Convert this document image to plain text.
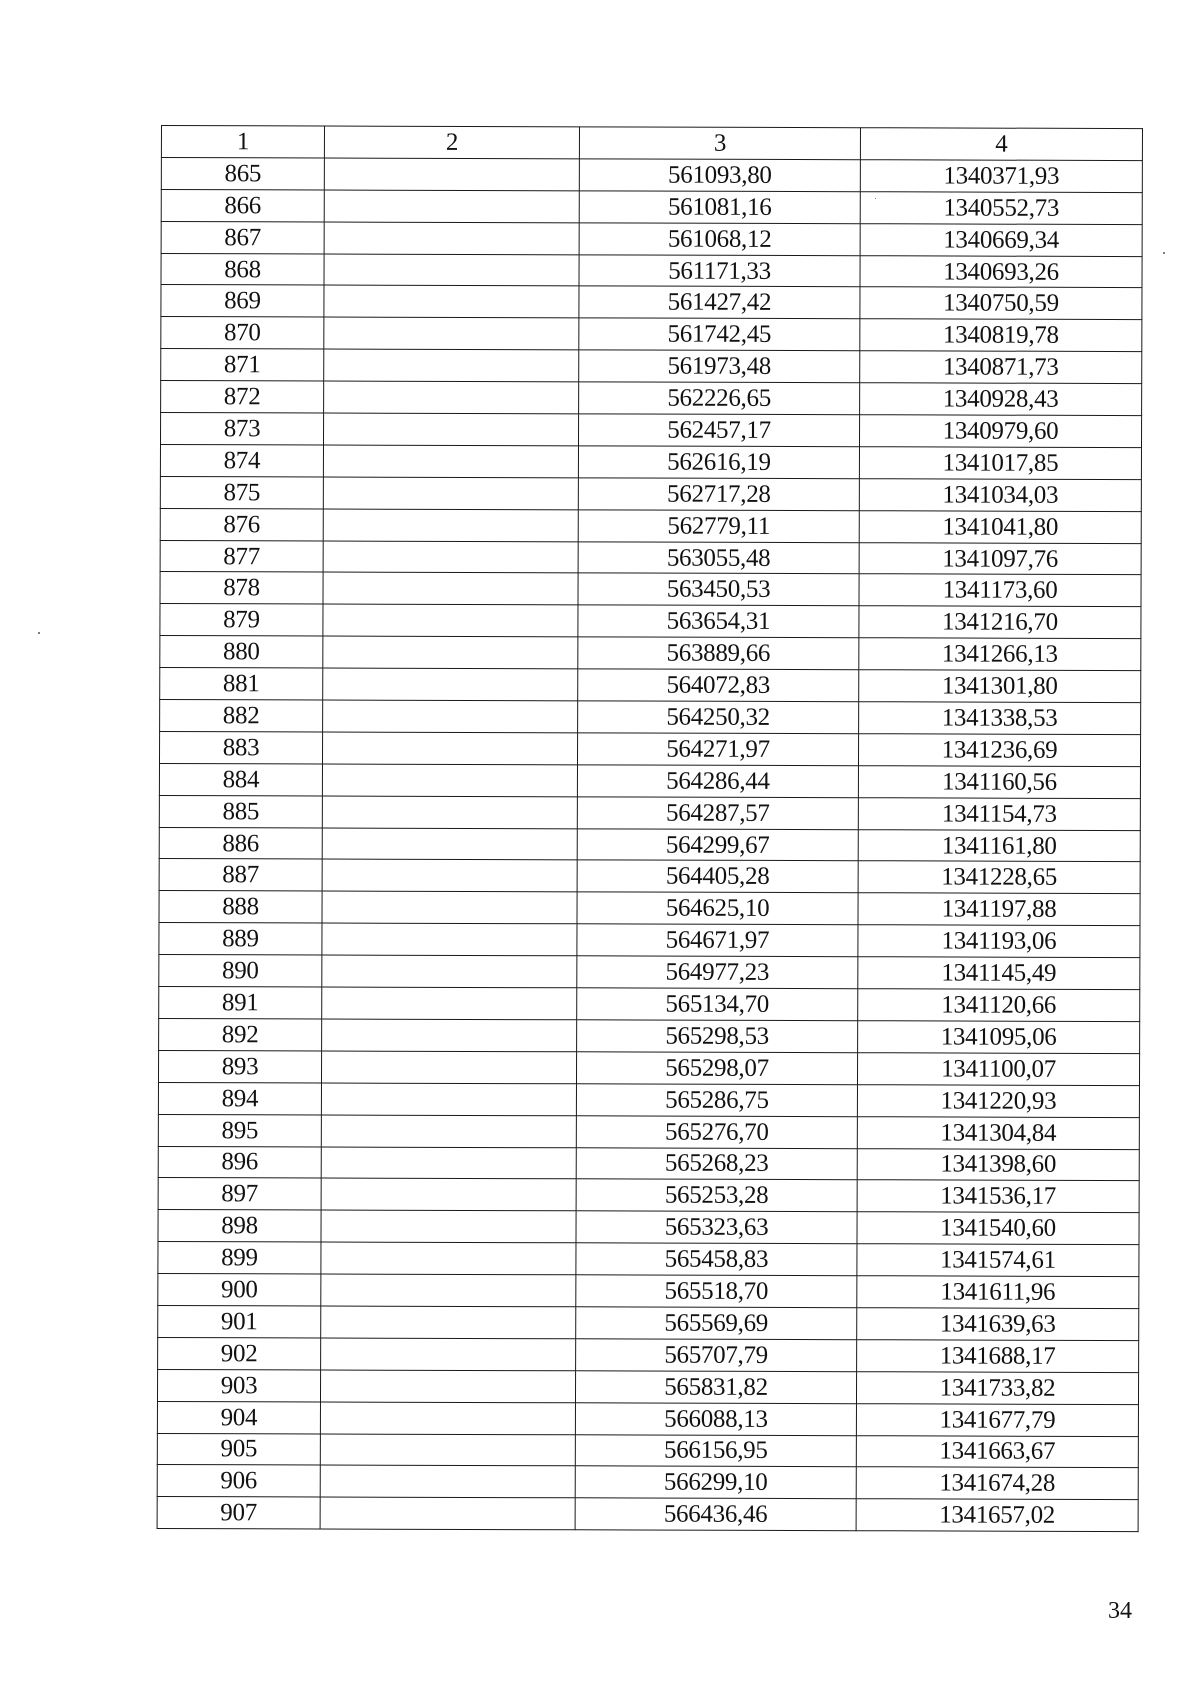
1	2	3	4
865		561093,80	1340371,93
866		561081,16	1340552,73
867		561068,12	1340669,34
868		561171,33	1340693,26
869		561427,42	1340750,59
870		561742,45	1340819,78
871		561973,48	1340871,73
872		562226,65	1340928,43
873		562457,17	1340979,60
874		562616,19	1341017,85
875		562717,28	1341034,03
876		562779,11	1341041,80
877		563055,48	1341097,76
878		563450,53	1341173,60
879		563654,31	1341216,70
880		563889,66	1341266,13
881		564072,83	1341301,80
882		564250,32	1341338,53
883		564271,97	1341236,69
884		564286,44	1341160,56
885		564287,57	1341154,73
886		564299,67	1341161,80
887		564405,28	1341228,65
888		564625,10	1341197,88
889		564671,97	1341193,06
890		564977,23	1341145,49
891		565134,70	1341120,66
892		565298,53	1341095,06
893		565298,07	1341100,07
894		565286,75	1341220,93
895		565276,70	1341304,84
896		565268,23	1341398,60
897		565253,28	1341536,17
898		565323,63	1341540,60
899		565458,83	1341574,61
900		565518,70	1341611,96
901		565569,69	1341639,63
902		565707,79	1341688,17
903		565831,82	1341733,82
904		566088,13	1341677,79
905		566156,95	1341663,67
906		566299,10	1341674,28
907		566436,46	1341657,02
34
